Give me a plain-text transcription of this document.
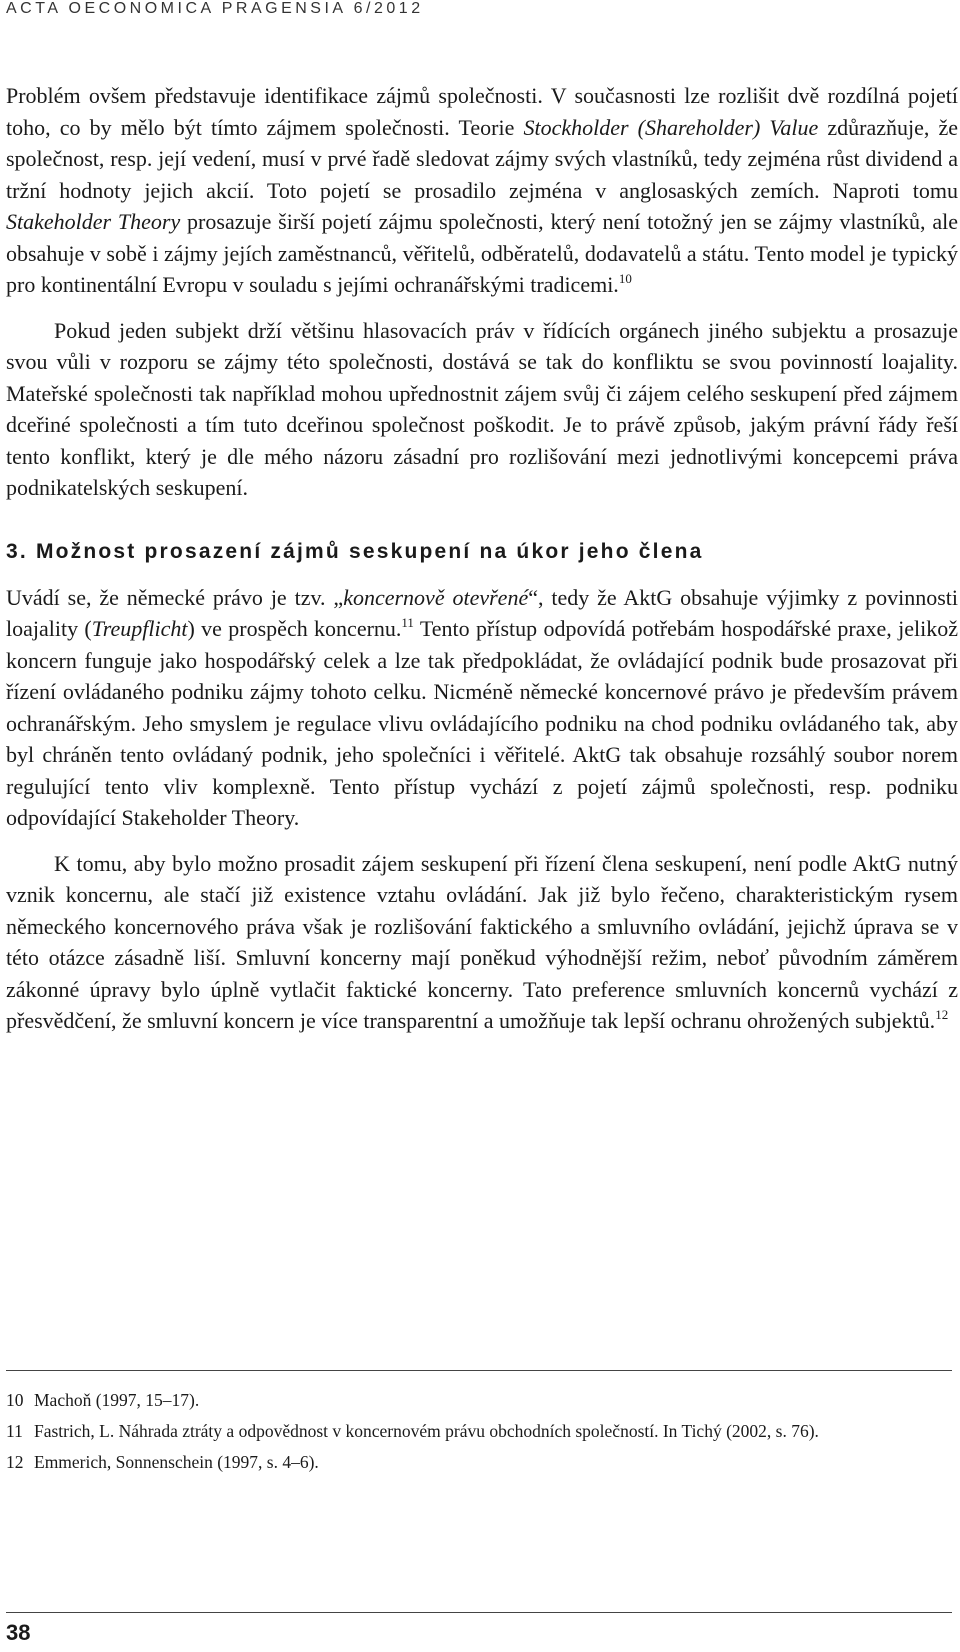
ACTA OECONOMICA PRAGENSIA 6/2012

Problém ovšem představuje identifikace zájmů společnosti. V současnosti lze rozlišit dvě rozdílná pojetí toho, co by mělo být tímto zájmem společnosti. Teorie Stockholder (Shareholder) Value zdůrazňuje, že společnost, resp. její vedení, musí v prvé řadě sledovat zájmy svých vlastníků, tedy zejména růst dividend a tržní hodnoty jejich akcií. Toto pojetí se prosadilo zejména v anglosaských zemích. Naproti tomu Stakeholder Theory prosazuje širší pojetí zájmu společnosti, který není totožný jen se zájmy vlastníků, ale obsahuje v sobě i zájmy jejích zaměstnanců, věřitelů, odběratelů, dodavatelů a státu. Tento model je typický pro kontinentální Evropu v souladu s jejími ochranářskými tradicemi.$^{10}$

Pokud jeden subjekt drží většinu hlasovacích práv v řídících orgánech jiného subjektu a prosazuje svou vůli v rozporu se zájmy této společnosti, dostává se tak do konfliktu se svou povinností loajality. Mateřské společnosti tak například mohou upřednostnit zájem svůj či zájem celého seskupení před zájmem dceřiné společnosti a tím tuto dceřinou společnost poškodit. Je to právě způsob, jakým právní řády řeší tento konflikt, který je dle mého názoru zásadní pro rozlišování mezi jednotlivými koncepcemi práva podnikatelských seskupení.

3. Možnost prosazení zájmů seskupení na úkor jeho člena

Uvádí se, že německé právo je tzv. „koncernově otevřené“, tedy že AktG obsahuje výjimky z povinnosti loajality (Treupflicht) ve prospěch koncernu.$^{11}$ Tento přístup odpovídá potřebám hospodářské praxe, jelikož koncern funguje jako hospodářský celek a lze tak předpokládat, že ovládající podnik bude prosazovat při řízení ovládaného podniku zájmy tohoto celku. Nicméně německé koncernové právo je především právem ochranářským. Jeho smyslem je regulace vlivu ovládajícího podniku na chod podniku ovládaného tak, aby byl chráněn tento ovládaný podnik, jeho společníci i věřitelé. AktG tak obsahuje rozsáhlý soubor norem regulující tento vliv komplexně. Tento přístup vychází z pojetí zájmů společnosti, resp. podniku odpovídající Stakeholder Theory.

K tomu, aby bylo možno prosadit zájem seskupení při řízení člena seskupení, není podle AktG nutný vznik koncernu, ale stačí již existence vztahu ovládání. Jak již bylo řečeno, charakteristickým rysem německého koncernového práva však je rozlišování faktického a smluvního ovládání, jejichž úprava se v této otázce zásadně liší. Smluvní koncerny mají poněkud výhodnější režim, neboť původním záměrem zákonné úpravy bylo úplně vytlačit faktické koncerny. Tato preference smluvních koncernů vychází z přesvědčení, že smluvní koncern je více transparentní a umožňuje tak lepší ochranu ohrožených subjektů.$^{12}$

10 Machoň (1997, 15–17).
11 Fastrich, L. Náhrada ztráty a odpovědnost v koncernovém právu obchodních společností. In Tichý (2002, s. 76).
12 Emmerich, Sonnenschein (1997, s. 4–6).
38
